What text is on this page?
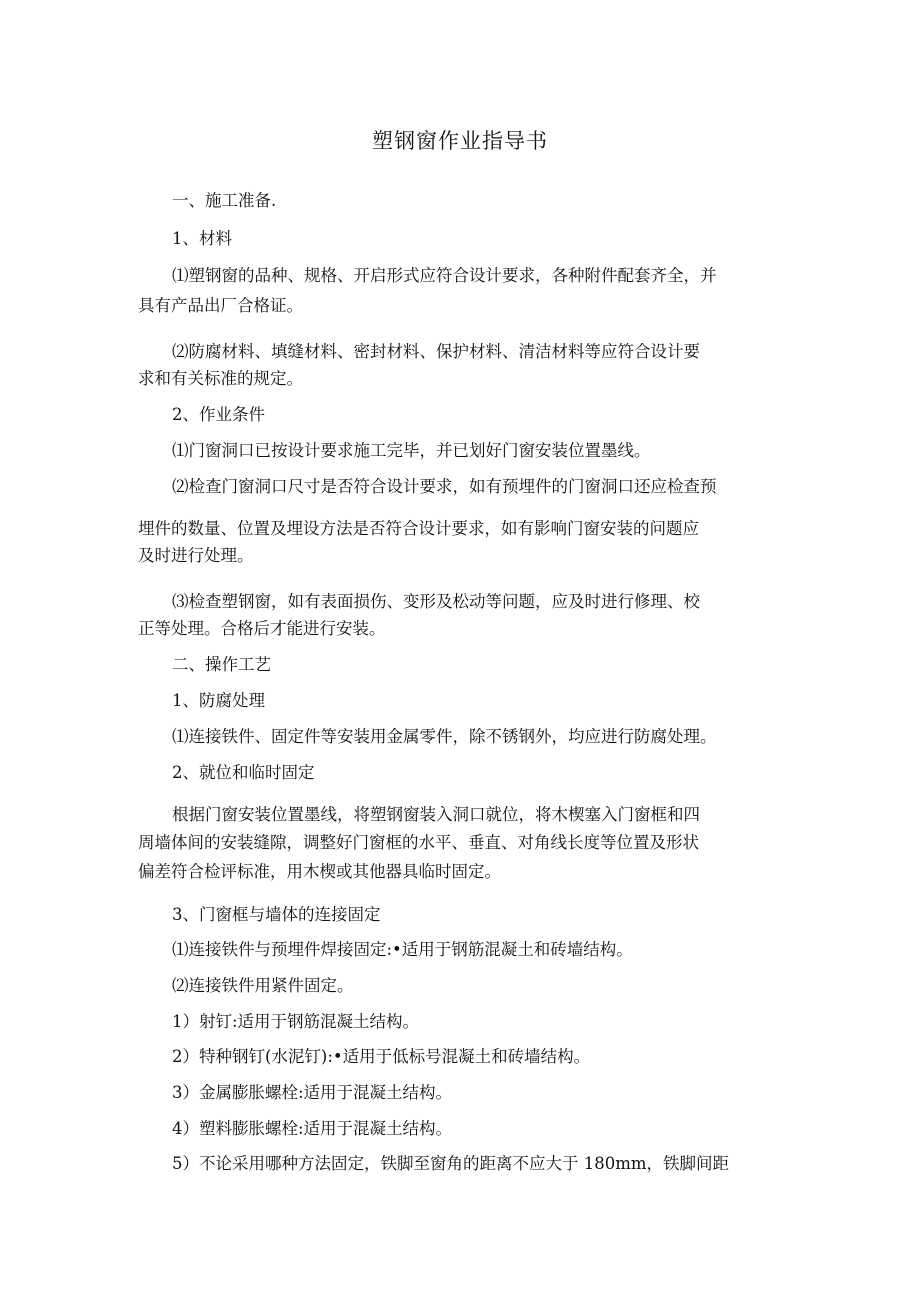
塑钢窗作业指导书
一、施工准备.
1、材料
⑴塑钢窗的品种、规格、开启形式应符合设计要求，各种附件配套齐全，并
具有产品出厂合格证。
⑵防腐材料、填缝材料、密封材料、保护材料、清洁材料等应符合设计要
求和有关标准的规定。
2、作业条件
⑴门窗洞口已按设计要求施工完毕，并已划好门窗安装位置墨线。
⑵检查门窗洞口尺寸是否符合设计要求，如有预埋件的门窗洞口还应检查预
埋件的数量、位置及埋设方法是否符合设计要求，如有影响门窗安装的问题应
及时进行处理。
⑶检查塑钢窗，如有表面损伤、变形及松动等问题，应及时进行修理、校
正等处理。合格后才能进行安装。
二、操作工艺
1、防腐处理
⑴连接铁件、固定件等安装用金属零件，除不锈钢外，均应进行防腐处理。
2、就位和临时固定
根据门窗安装位置墨线，将塑钢窗装入洞口就位，将木楔塞入门窗框和四
周墙体间的安装缝隙，调整好门窗框的水平、垂直、对角线长度等位置及形状
偏差符合检评标准，用木楔或其他器具临时固定。
3、门窗框与墙体的连接固定
⑴连接铁件与预埋件焊接固定:•适用于钢筋混凝土和砖墙结构。
⑵连接铁件用紧件固定。
1）射钉:适用于钢筋混凝土结构。
2）特种钢钉(水泥钉):•适用于低标号混凝土和砖墙结构。
3）金属膨胀螺栓:适用于混凝土结构。
4）塑料膨胀螺栓:适用于混凝土结构。
5）不论采用哪种方法固定，铁脚至窗角的距离不应大于 180mm，铁脚间距
